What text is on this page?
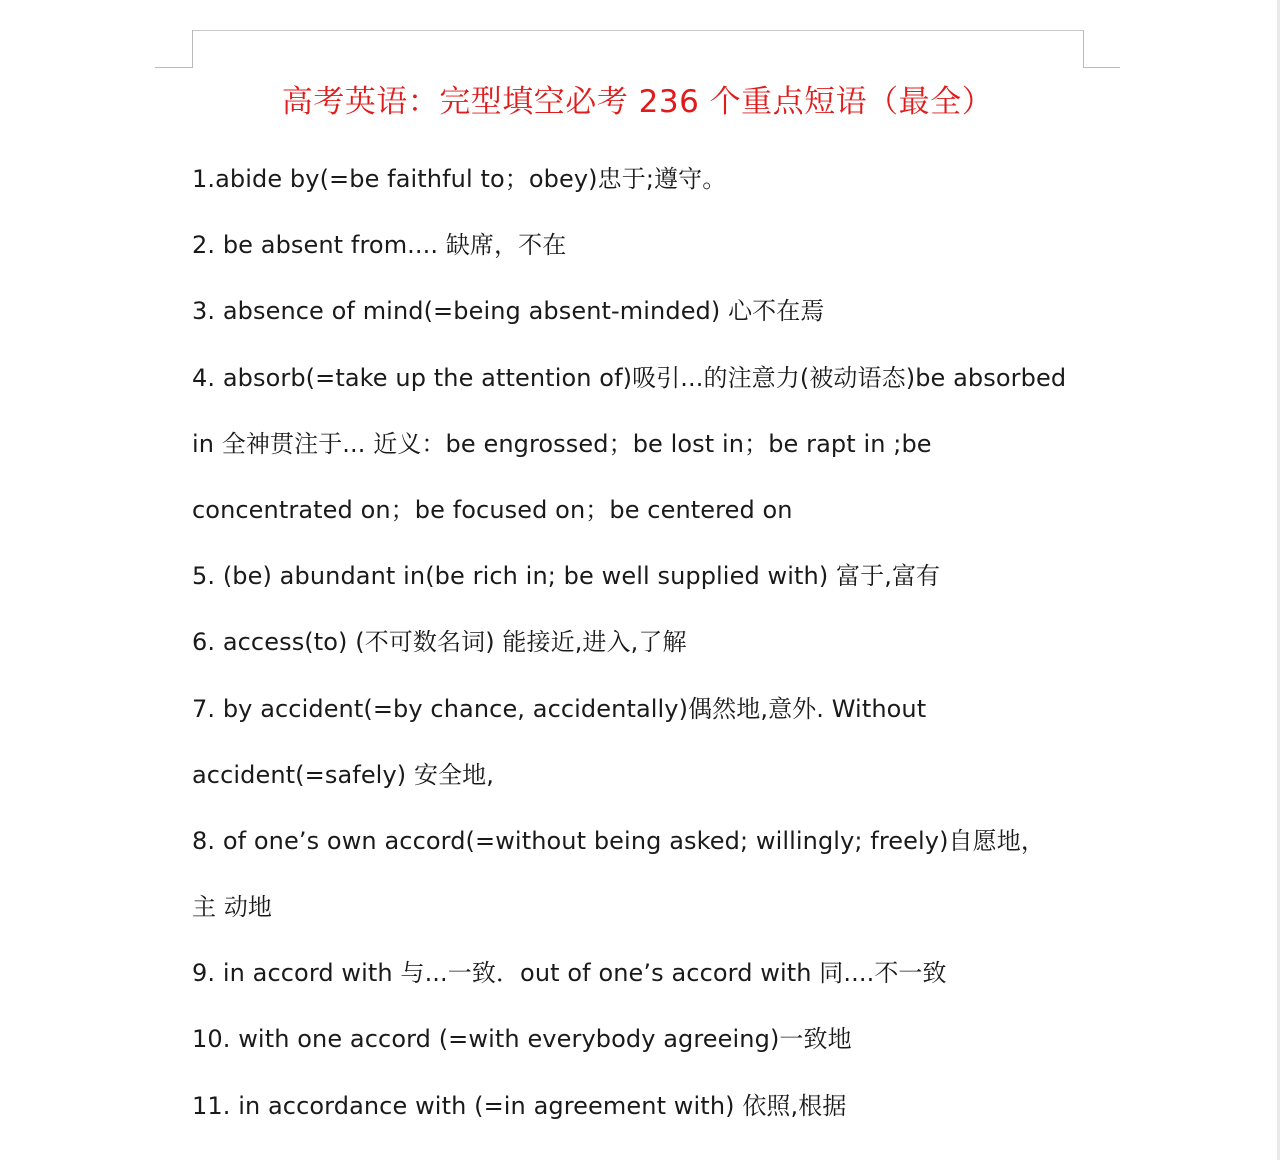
高考英语：完型填空必考 236 个重点短语（最全）
1.abide by(=be faithful to；obey)忠于;遵守。
2. be absent from.... 缺席，不在
3. absence of mind(=being absent-minded) 心不在焉
4. absorb(=take up the attention of)吸引...的注意力(被动语态)be absorbed
in 全神贯注于... 近义：be engrossed；be lost in；be rapt in ;be
concentrated on；be focused on；be centered on
5. (be) abundant in(be rich in; be well supplied with) 富于,富有
6. access(to) (不可数名词) 能接近,进入,了解
7. by accident(=by chance, accidentally)偶然地,意外. Without
accident(=safely) 安全地,
8. of one’s own accord(=without being asked; willingly; freely)自愿地，
主 动地
9. in accord with 与...一致．out of one’s accord with 同....不一致
10. with one accord (=with everybody agreeing)一致地
11. in accordance with (=in agreement with) 依照,根据
